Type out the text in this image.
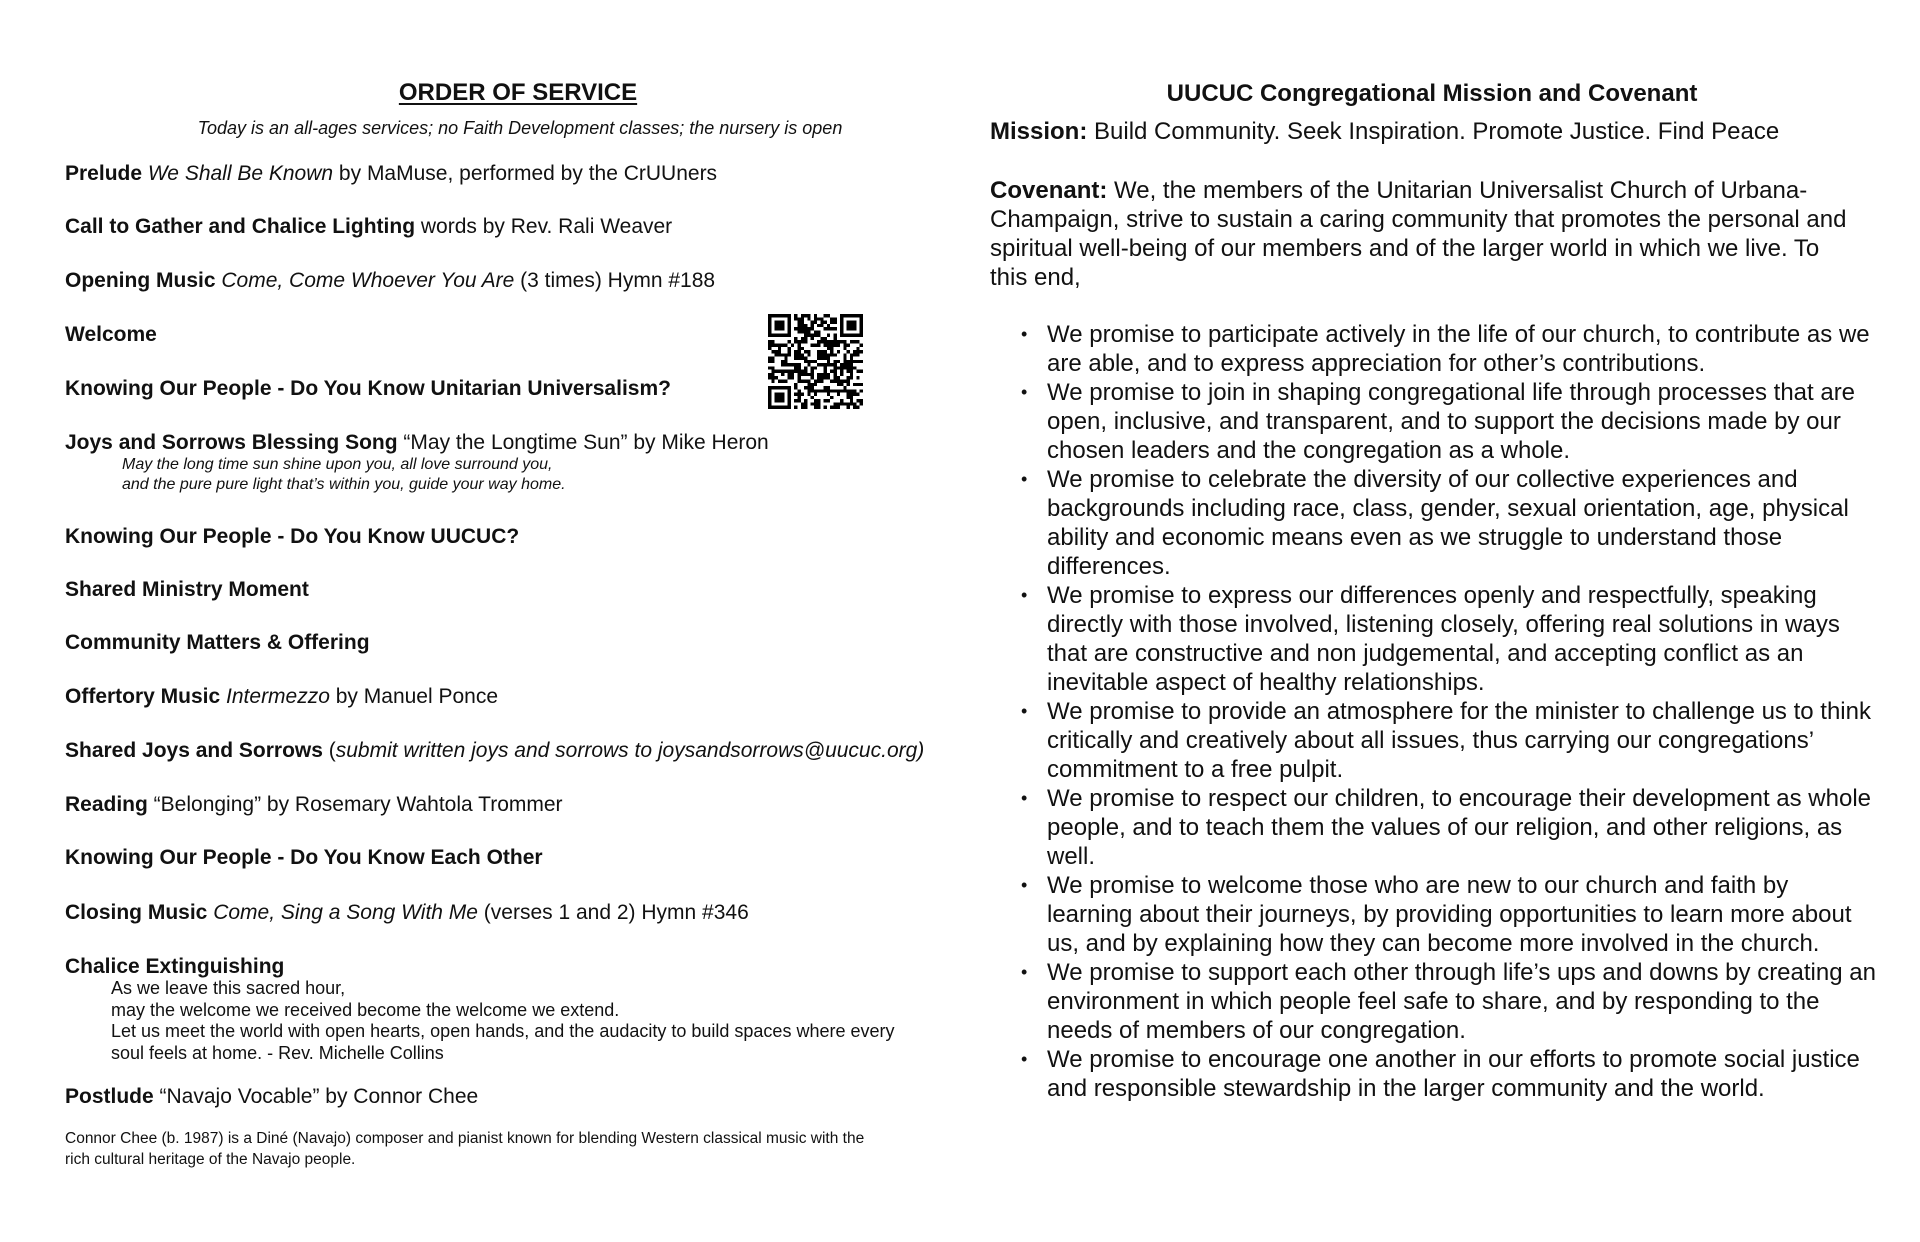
ORDER OF SERVICE
Today is an all-ages services; no Faith Development classes; the nursery is open
Prelude We Shall Be Known by MaMuse, performed by the CrUUners
Call to Gather and Chalice Lighting words by Rev. Rali Weaver
Opening Music Come, Come Whoever You Are (3 times) Hymn #188
Welcome
Knowing Our People - Do You Know Unitarian Universalism?
Joys and Sorrows Blessing Song “May the Longtime Sun” by Mike Heron
Knowing Our People - Do You Know UUCUC?
Shared Ministry Moment
Community Matters & Offering
Offertory Music Intermezzo by Manuel Ponce
Shared Joys and Sorrows (submit written joys and sorrows to joysandsorrows@uucuc.org)
Reading “Belonging” by Rosemary Wahtola Trommer
Knowing Our People - Do You Know Each Other
Closing Music Come, Sing a Song With Me (verses 1 and 2) Hymn #346
Chalice Extinguishing
Postlude “Navajo Vocable” by Connor Chee
May the long time sun shine upon you, all love surround you,
and the pure pure light that’s within you, guide your way home.
As we leave this sacred hour,
may the welcome we received become the welcome we extend.
Let us meet the world with open hearts, open hands, and the audacity to build spaces where every
soul feels at home. - Rev. Michelle Collins
Connor Chee (b. 1987) is a Diné (Navajo) composer and pianist known for blending Western classical music with the
rich cultural heritage of the Navajo people.
UUCUC Congregational Mission and Covenant
Mission: Build Community. Seek Inspiration. Promote Justice. Find Peace
Covenant: We, the members of the Unitarian Universalist Church of Urbana-Champaign, strive to sustain a caring community that promotes the personal and spiritual well-being of our members and of the larger world in which we live. To this end,
• We promise to participate actively in the life of our church, to contribute as we are able, and to express appreciation for other’s contributions.
• We promise to join in shaping congregational life through processes that are open, inclusive, and transparent, and to support the decisions made by our chosen leaders and the congregation as a whole.
• We promise to celebrate the diversity of our collective experiences and backgrounds including race, class, gender, sexual orientation, age, physical ability and economic means even as we struggle to understand those differences.
• We promise to express our differences openly and respectfully, speaking directly with those involved, listening closely, offering real solutions in ways that are constructive and non judgemental, and accepting conflict as an inevitable aspect of healthy relationships.
• We promise to provide an atmosphere for the minister to challenge us to think critically and creatively about all issues, thus carrying our congregations’ commitment to a free pulpit.
• We promise to respect our children, to encourage their development as whole people, and to teach them the values of our religion, and other religions, as well.
• We promise to welcome those who are new to our church and faith by learning about their journeys, by providing opportunities to learn more about us, and by explaining how they can become more involved in the church.
• We promise to support each other through life’s ups and downs by creating an environment in which people feel safe to share, and by responding to the needs of members of our congregation.
• We promise to encourage one another in our efforts to promote social justice and responsible stewardship in the larger community and the world.
